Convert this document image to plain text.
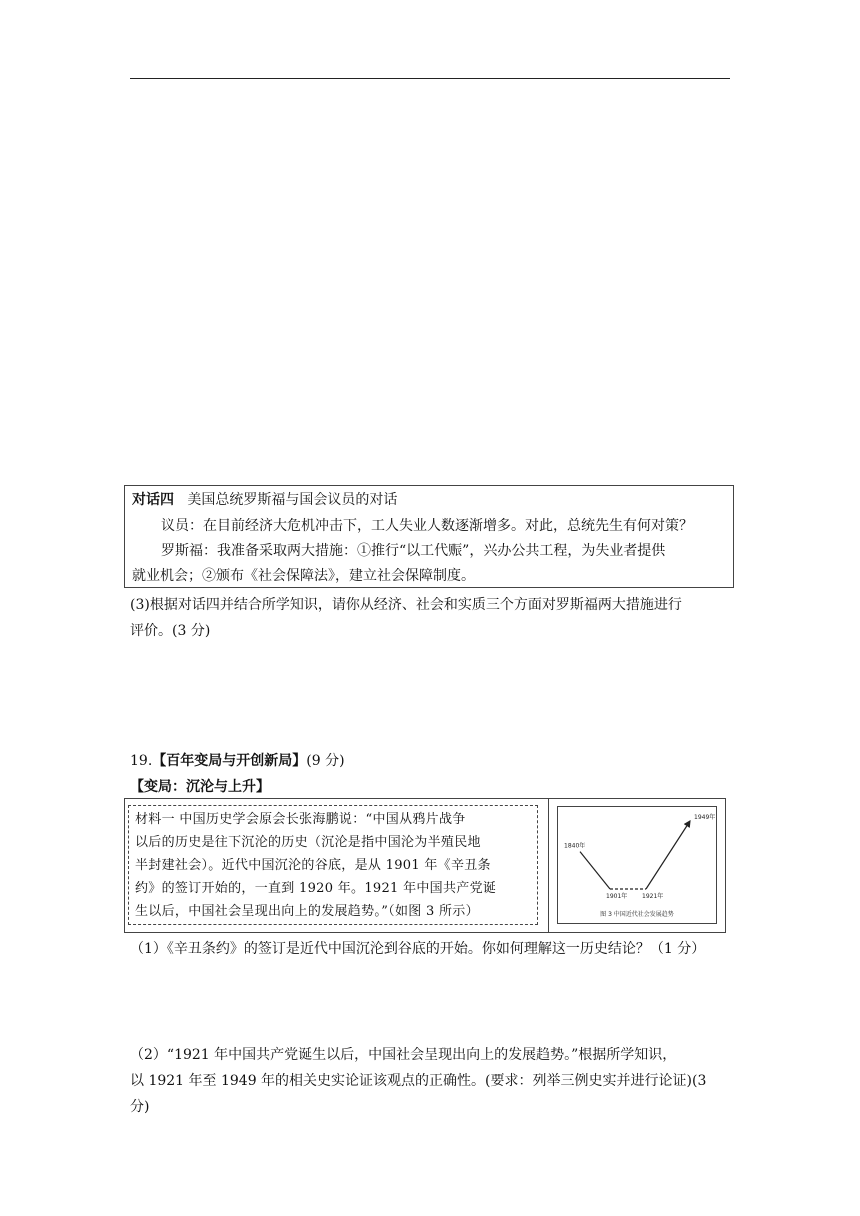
对话四 美国总统罗斯福与国会议员的对话
议员：在目前经济大危机冲击下，工人失业人数逐渐增多。对此，总统先生有何对策？
罗斯福：我准备采取两大措施：①推行“以工代赈”，兴办公共工程，为失业者提供
就业机会；②颁布《社会保障法》，建立社会保障制度。
(3)根据对话四并结合所学知识，请你从经济、社会和实质三个方面对罗斯福两大措施进行
评价。(3 分)
19.【百年变局与开创新局】(9 分)
【变局：沉沦与上升】
材料一 中国历史学会原会长张海鹏说：“中国从鸦片战争
以后的历史是往下沉沦的历史（沉沦是指中国沦为半殖民地
半封建社会）。近代中国沉沦的谷底，是从 1901 年《辛丑条
约》的签订开始的，一直到 1920 年。1921 年中国共产党诞
生以后，中国社会呈现出向上的发展趋势。”（如图 3 所示）
1840年
1901年 1921年
1949年
图 3 中国近代社会发展趋势
（1）《辛丑条约》的签订是近代中国沉沦到谷底的开始。你如何理解这一历史结论？（1 分）
（2）“1921 年中国共产党诞生以后，中国社会呈现出向上的发展趋势。”根据所学知识，
以 1921 年至 1949 年的相关史实论证该观点的正确性。(要求：列举三例史实并进行论证)(3
分)
